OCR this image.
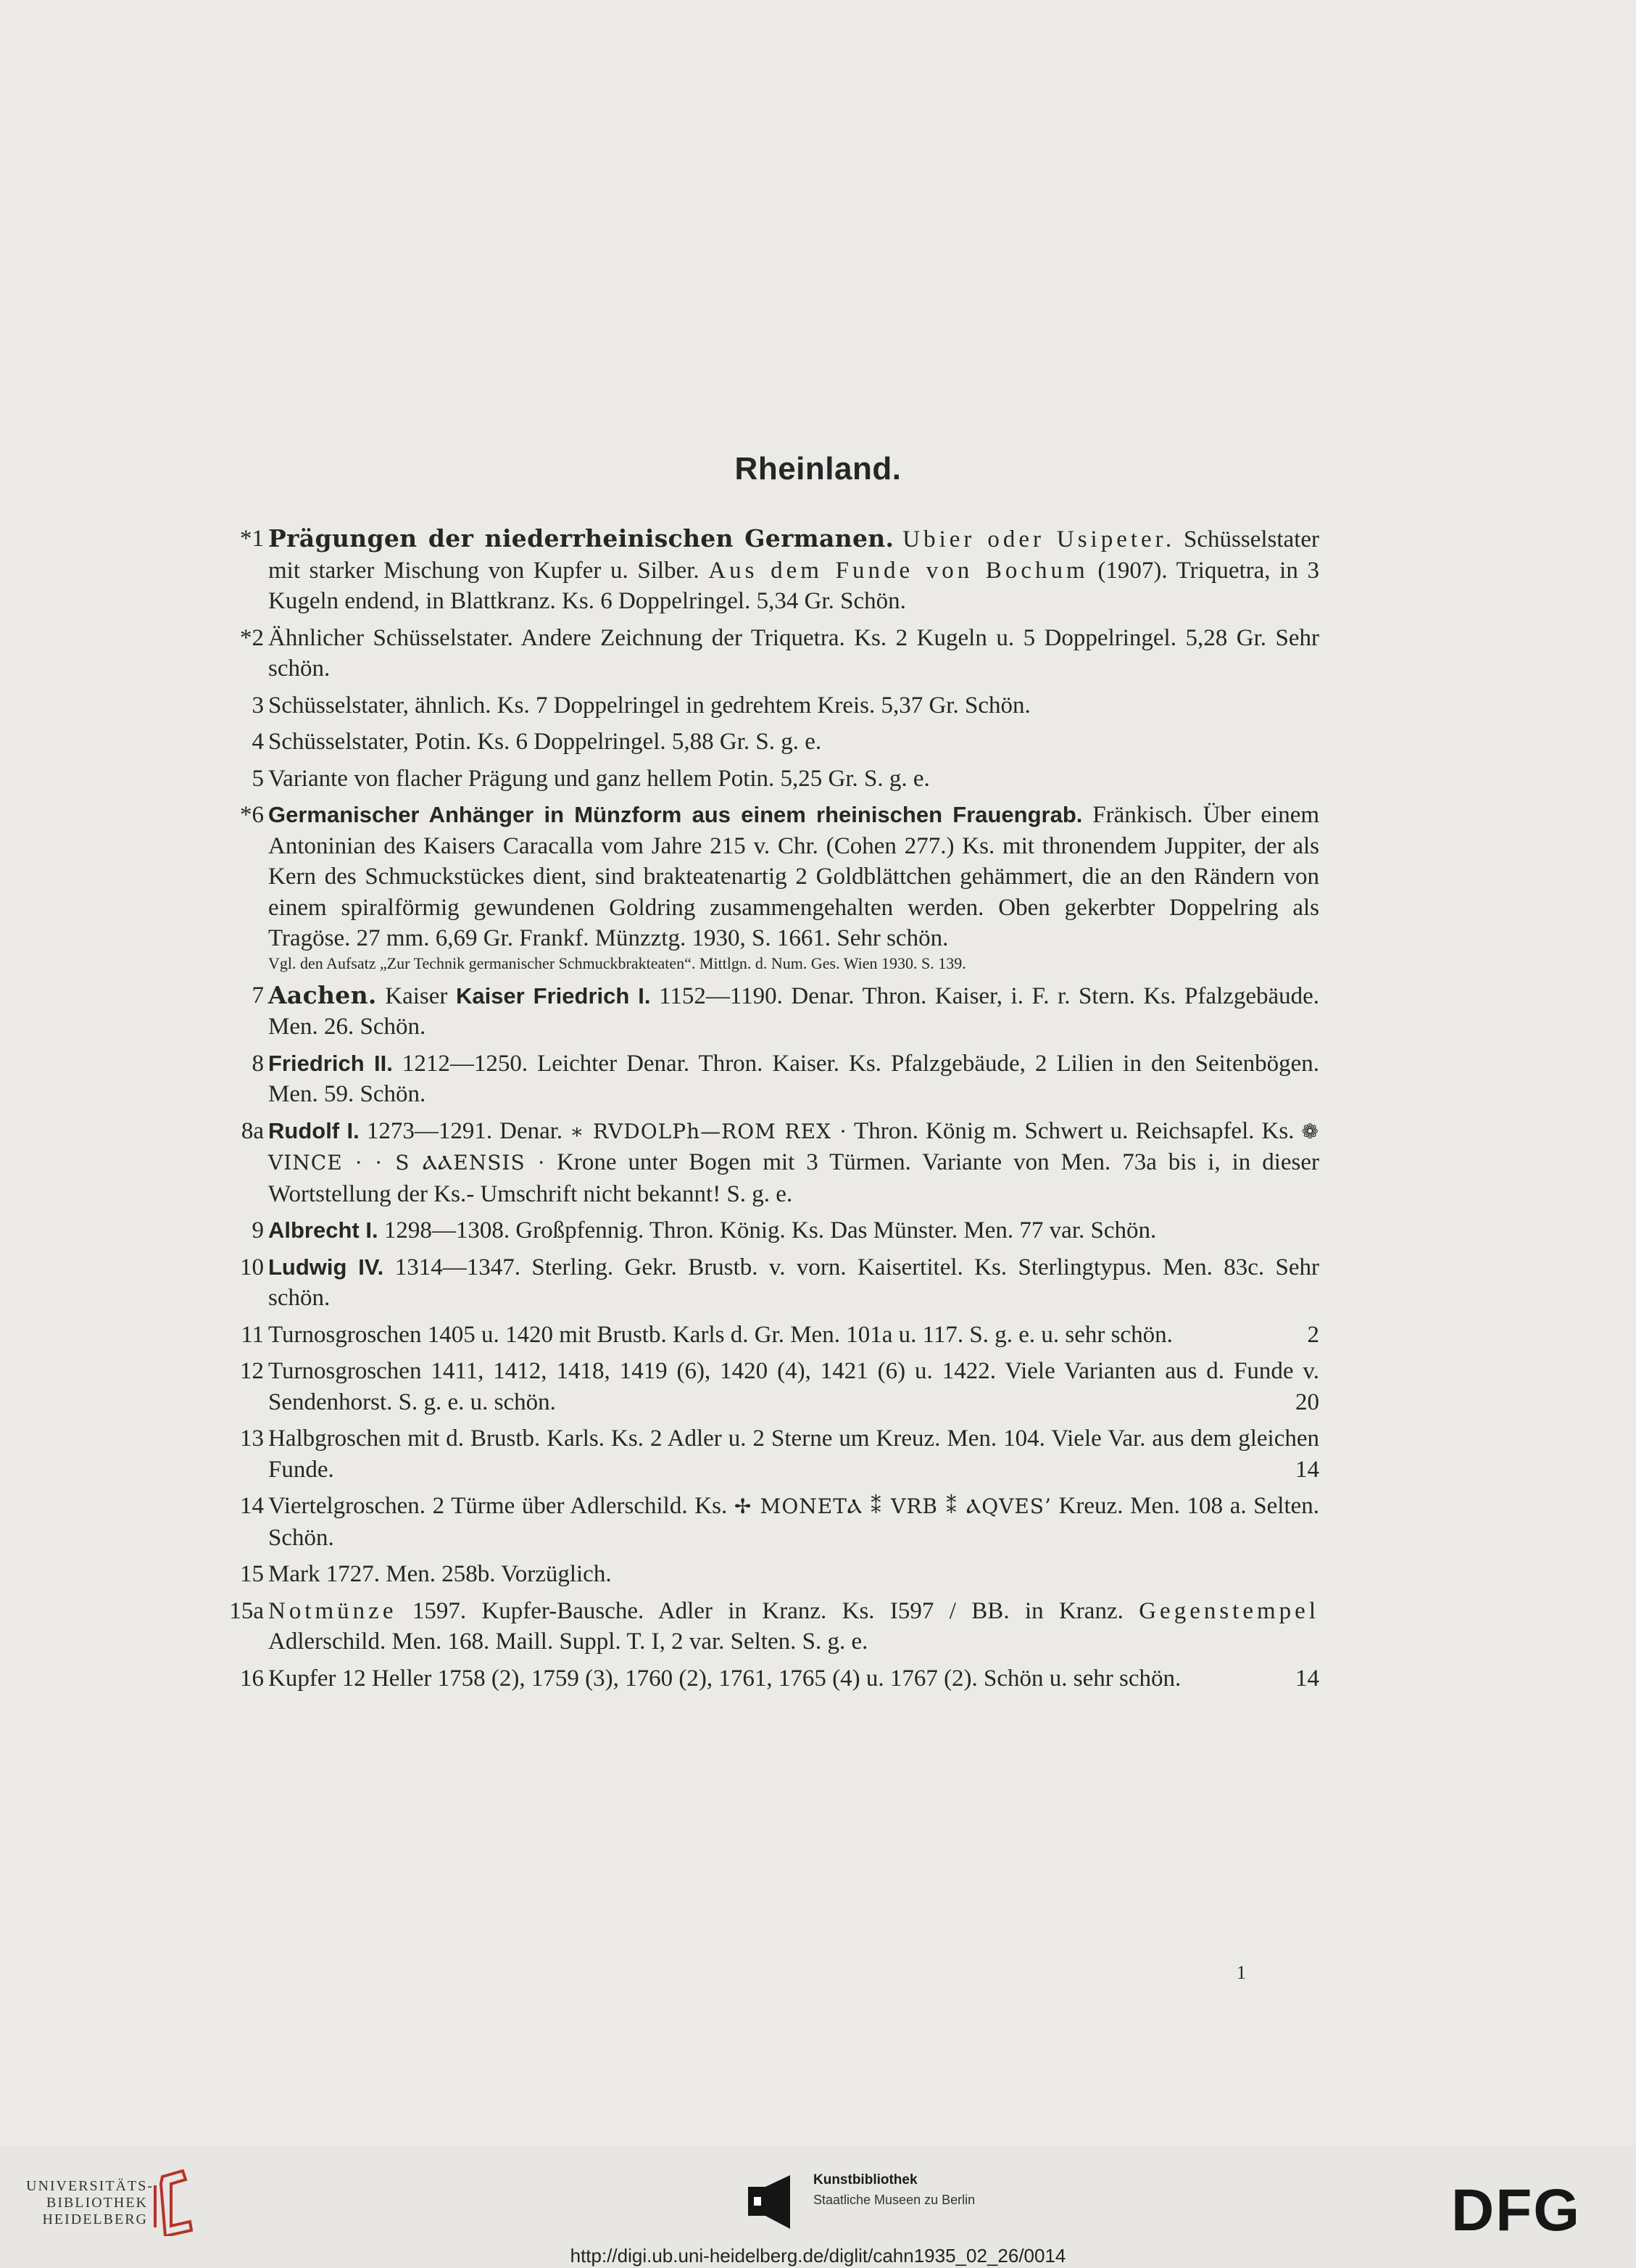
Rheinland.
*1 Prägungen der niederrheinischen Germanen. Ubier oder Usipeter. Schüsselstater mit starker Mischung von Kupfer u. Silber. Aus dem Funde von Bochum (1907). Triquetra, in 3 Kugeln endend, in Blattkranz. Ks. 6 Doppelringel. 5,34 Gr. Schön.
*2 Ähnlicher Schüsselstater. Andere Zeichnung der Triquetra. Ks. 2 Kugeln u. 5 Doppelringel. 5,28 Gr. Sehr schön.
3 Schüsselstater, ähnlich. Ks. 7 Doppelringel in gedrehtem Kreis. 5,37 Gr. Schön.
4 Schüsselstater, Potin. Ks. 6 Doppelringel. 5,88 Gr. S. g. e.
5 Variante von flacher Prägung und ganz hellem Potin. 5,25 Gr. S. g. e.
*6 Germanischer Anhänger in Münzform aus einem rheinischen Frauengrab. Fränkisch. Über einem Antoninian des Kaisers Caracalla vom Jahre 215 v. Chr. (Cohen 277.) Ks. mit thronendem Juppiter, der als Kern des Schmuckstückes dient, sind brakteatenartig 2 Goldblättchen gehämmert, die an den Rändern von einem spiralförmig gewundenen Goldring zusammengehalten werden. Oben gekerbter Doppelring als Tragöse. 27 mm. 6,69 Gr. Frankf. Münzztg. 1930, S. 1661. Sehr schön.
Vgl. den Aufsatz „Zur Technik germanischer Schmuckbrakteaten“. Mittlgn. d. Num. Ges. Wien 1930. S. 139.
7 Aachen. Kaiser Kaiser Friedrich I. 1152—1190. Denar. Thron. Kaiser, i. F. r. Stern. Ks. Pfalzgebäude. Men. 26. Schön.
8 Friedrich II. 1212—1250. Leichter Denar. Thron. Kaiser. Ks. Pfalzgebäude, 2 Lilien in den Seitenbögen. Men. 59. Schön.
8a Rudolf I. 1273—1291. Denar. ∗ RVDOLPh—ROM REX · Thron. König m. Schwert u. Reichsapfel. Ks. ❁ VINCE · · S ⲀⲀENSIS · Krone unter Bogen mit 3 Türmen. Variante von Men. 73a bis i, in dieser Wortstellung der Ks.- Umschrift nicht bekannt! S. g. e.
9 Albrecht I. 1298—1308. Großpfennig. Thron. König. Ks. Das Münster. Men. 77 var. Schön.
10 Ludwig IV. 1314—1347. Sterling. Gekr. Brustb. v. vorn. Kaisertitel. Ks. Sterlingtypus. Men. 83c. Sehr schön.
11 Turnosgroschen 1405 u. 1420 mit Brustb. Karls d. Gr. Men. 101a u. 117. S. g. e. u. sehr schön.	2
12 Turnosgroschen 1411, 1412, 1418, 1419 (6), 1420 (4), 1421 (6) u. 1422. Viele Varianten aus d. Funde v. Sendenhorst. S. g. e. u. schön.	20
13 Halbgroschen mit d. Brustb. Karls. Ks. 2 Adler u. 2 Sterne um Kreuz. Men. 104. Viele Var. aus dem gleichen Funde.	14
14 Viertelgroschen. 2 Türme über Adlerschild. Ks. ✢ MONETⲀ ⁑ VRB ⁑ ⲀQVES’ Kreuz. Men. 108 a. Selten. Schön.
15 Mark 1727. Men. 258b. Vorzüglich.
15a Notmünze 1597. Kupfer-Bausche. Adler in Kranz. Ks. I597 / BB. in Kranz. Gegenstempel Adlerschild. Men. 168. Maill. Suppl. T. I, 2 var. Selten. S. g. e.
16 Kupfer 12 Heller 1758 (2), 1759 (3), 1760 (2), 1761, 1765 (4) u. 1767 (2). Schön u. sehr schön.	14
1
UNIVERSITÄTS-
BIBLIOTHEK
HEIDELBERG
Kunstbibliothek
Staatliche Museen zu Berlin	DFG
http://digi.ub.uni-heidelberg.de/diglit/cahn1935_02_26/0014
